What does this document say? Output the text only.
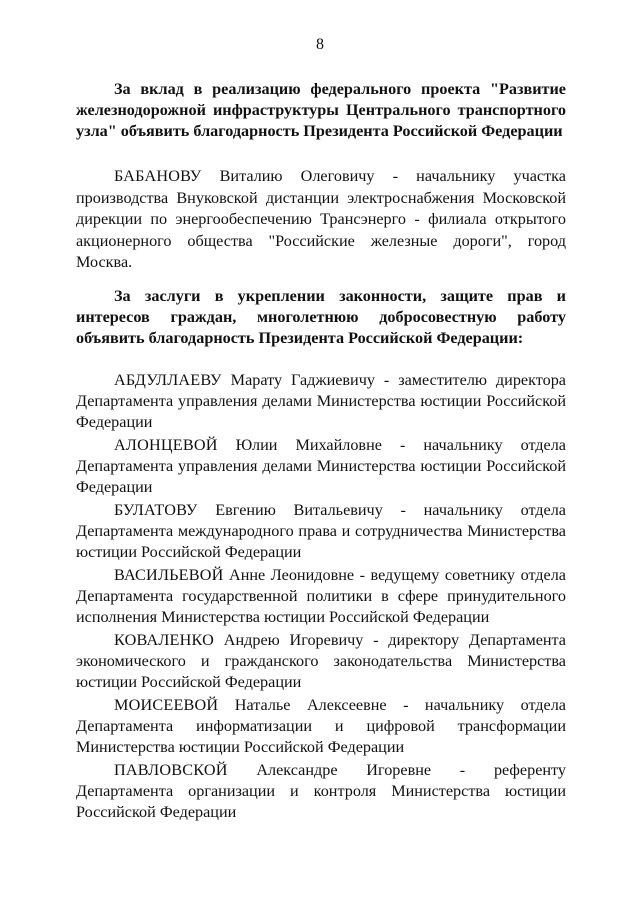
8
За вклад в реализацию федерального проекта "Развитие железнодорожной инфраструктуры Центрального транспортного узла" объявить благодарность Президента Российской Федерации
БАБАНОВУ Виталию Олеговичу - начальнику участка производства Внуковской дистанции электроснабжения Московской дирекции по энергообеспечению Трансэнерго - филиала открытого акционерного общества "Российские железные дороги", город Москва.
За заслуги в укреплении законности, защите прав и интересов граждан, многолетнюю добросовестную работу объявить благодарность Президента Российской Федерации:

АБДУЛЛАЕВУ Марату Гаджиевичу - заместителю директора Департамента управления делами Министерства юстиции Российской Федерации

АЛОНЦЕВОЙ Юлии Михайловне - начальнику отдела Департамента управления делами Министерства юстиции Российской Федерации

БУЛАТОВУ Евгению Витальевичу - начальнику отдела Департамента международного права и сотрудничества Министерства юстиции Российской Федерации

ВАСИЛЬЕВОЙ Анне Леонидовне - ведущему советнику отдела Департамента государственной политики в сфере принудительного исполнения Министерства юстиции Российской Федерации

КОВАЛЕНКО Андрею Игоревичу - директору Департамента экономического и гражданского законодательства Министерства юстиции Российской Федерации

МОИСЕЕВОЙ Наталье Алексеевне - начальнику отдела Департамента информатизации и цифровой трансформации Министерства юстиции Российской Федерации

ПАВЛОВСКОЙ Александре Игоревне - референту Департамента организации и контроля Министерства юстиции Российской Федерации
